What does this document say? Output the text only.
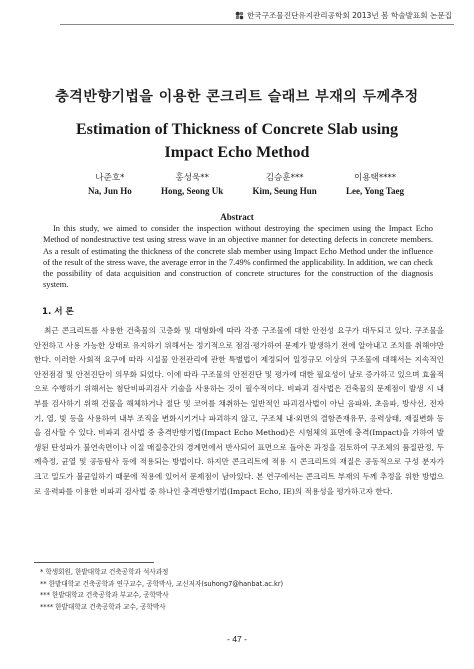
한국구조물진단유지관리공학회 2013년 봄 학술발표회 논문집
충격반향기법을 이용한 콘크리트 슬래브 부재의 두께추정
Estimation of Thickness of Concrete Slab using
Impact Echo Method
나준호*
Na, Jun Ho
홍성욱**
Hong, Seong Uk
김승훈***
Kim, Seung Hun
이용택****
Lee, Yong Taeg
Abstract
In this study, we aimed to consider the inspection without destroying the specimen using the Impact Echo Method of nondestructive test using stress wave in an objective manner for detecting defects in concrete members. As a result of estimating the thickness of the concrete slab member using Impact Echo Method under the influence of the result of the stress wave, the average error in the 7.49% confirmed the applicability. In addition, we can check the possibility of data acquisition and construction of concrete structures for the construction of the diagnosis system.
1. 서 론
최근 콘크리트를 사용한 건축물의 고층화 및 대형화에 따라 각종 구조물에 대한 안전성 요구가 대두되고 있다. 구조물을 안전하고 사용 가능한 상태로 유지하기 위해서는 정기적으로 점검·평가하여 문제가 발생하기 전에 알아내고 조치를 취해야만 한다. 이러한 사회적 요구에 따라 시설물 안전관리에 관한 특별법이 제정되어 일정규모 이상의 구조물에 대해서는 지속적인 안전점검 및 안전진단이 의무화 되었다. 이에 따라 구조물의 안전진단 및 평가에 대한 필요성이 날로 증가하고 있으며 효율적으로 수행하기 위해서는 첨단비파괴검사 기술을 사용하는 것이 필수적이다. 비파괴 검사법은 건축물의 문제점이 발생 시 내부를 검사하기 위해 건물을 해체하거나 절단 및 코어를 채취하는 일반적인 파괴검사법이 아닌 음파와, 초음파, 방사선, 전자기, 열, 빛 등을 사용하여 내부 조직을 변화시키거나 파괴하지 않고, 구조체 내·외면의 결함존재유무, 응력상태, 재질변화 등을 검사할 수 있다. 비파괴 검사법 중 충격반향기법(Impact Echo Method)은 시험체의 표면에 충격(Impact)을 가하여 발생된 탄성파가 불연속면이나 이질 매질층간의 경계면에서 반사되어 표면으로 돌아온 과정을 검토하여 구조체의 품질판정, 두께측정, 균열 및 공동탐사 등에 적용되는 방법이다. 하지만 콘크리트에 적용 시 콘크리트의 재질은 공동적으로 구성 분자가 크고 밀도가 불균일하기 때문에 적용에 있어서 문제점이 남아있다. 본 연구에서는 콘크리트 부재의 두께 추정을 위한 방법으로 응력파를 이용한 비파괴 검사법 중 하나인 충격반향기법(Impact Echo, IE)의 적용성을 평가하고자 한다.
* 학생회원, 한밭대학교 건축공학과 석사과정
** 한밭대학교 건축공학과 연구교수, 공학박사, 교신저자(suhong7@hanbat.ac.kr)
*** 한밭대학교 건축공학과 부교수, 공학박사
**** 한밭대학교 건축공학과 교수, 공학박사
- 47 -
